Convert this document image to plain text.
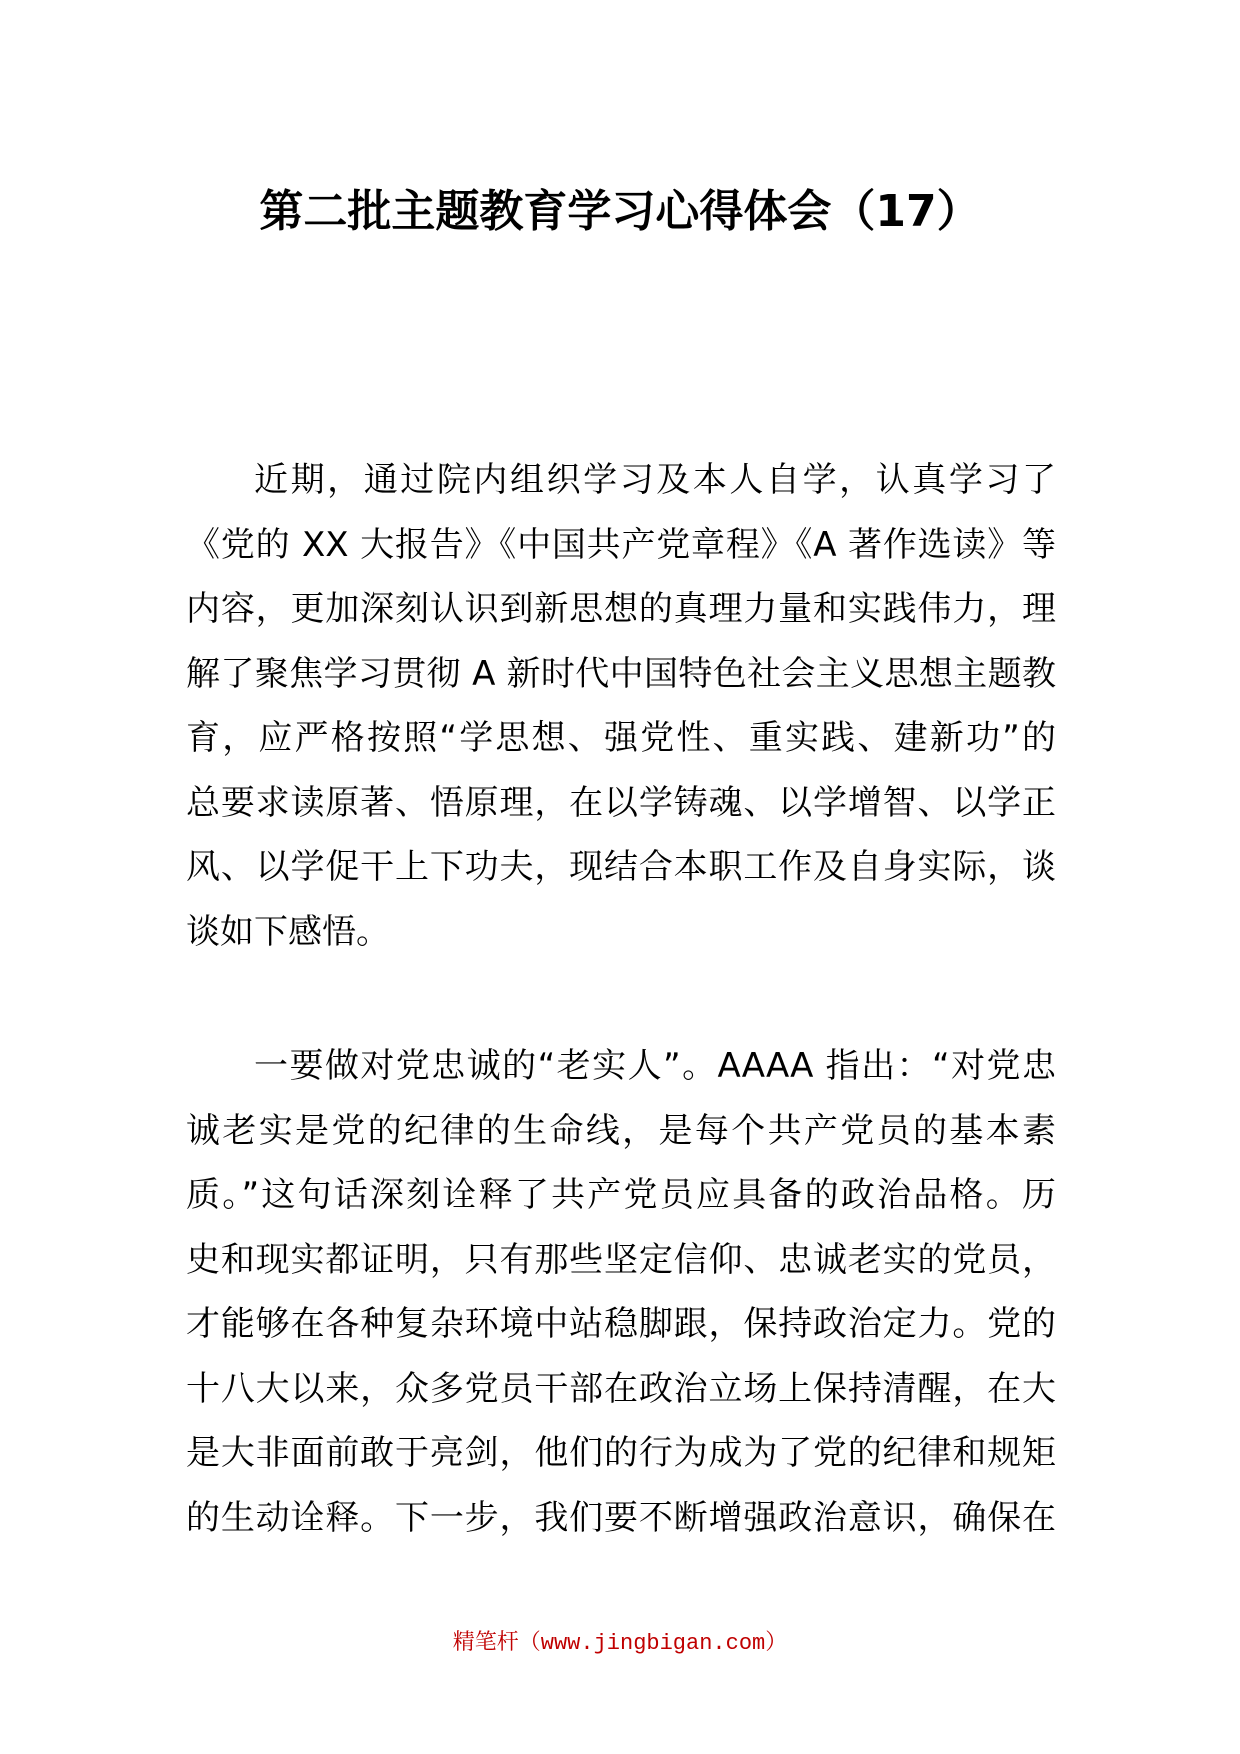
第二批主题教育学习心得体会（17）
近期，通过院内组织学习及本人自学，认真学习了
《党的 XX 大报告》《中国共产党章程》《A 著作选读》等
内容，更加深刻认识到新思想的真理力量和实践伟力，理
解了聚焦学习贯彻 A 新时代中国特色社会主义思想主题教
育，应严格按照“学思想、强党性、重实践、建新功”的
总要求读原著、悟原理，在以学铸魂、以学增智、以学正
风、以学促干上下功夫，现结合本职工作及自身实际，谈
谈如下感悟。
一要做对党忠诚的“老实人”。AAAA 指出：“对党忠
诚老实是党的纪律的生命线，是每个共产党员的基本素
质。”这句话深刻诠释了共产党员应具备的政治品格。历
史和现实都证明，只有那些坚定信仰、忠诚老实的党员，
才能够在各种复杂环境中站稳脚跟，保持政治定力。党的
十八大以来，众多党员干部在政治立场上保持清醒，在大
是大非面前敢于亮剑，他们的行为成为了党的纪律和规矩
的生动诠释。下一步，我们要不断增强政治意识，确保在
精笔杆（www.jingbigan.com）
